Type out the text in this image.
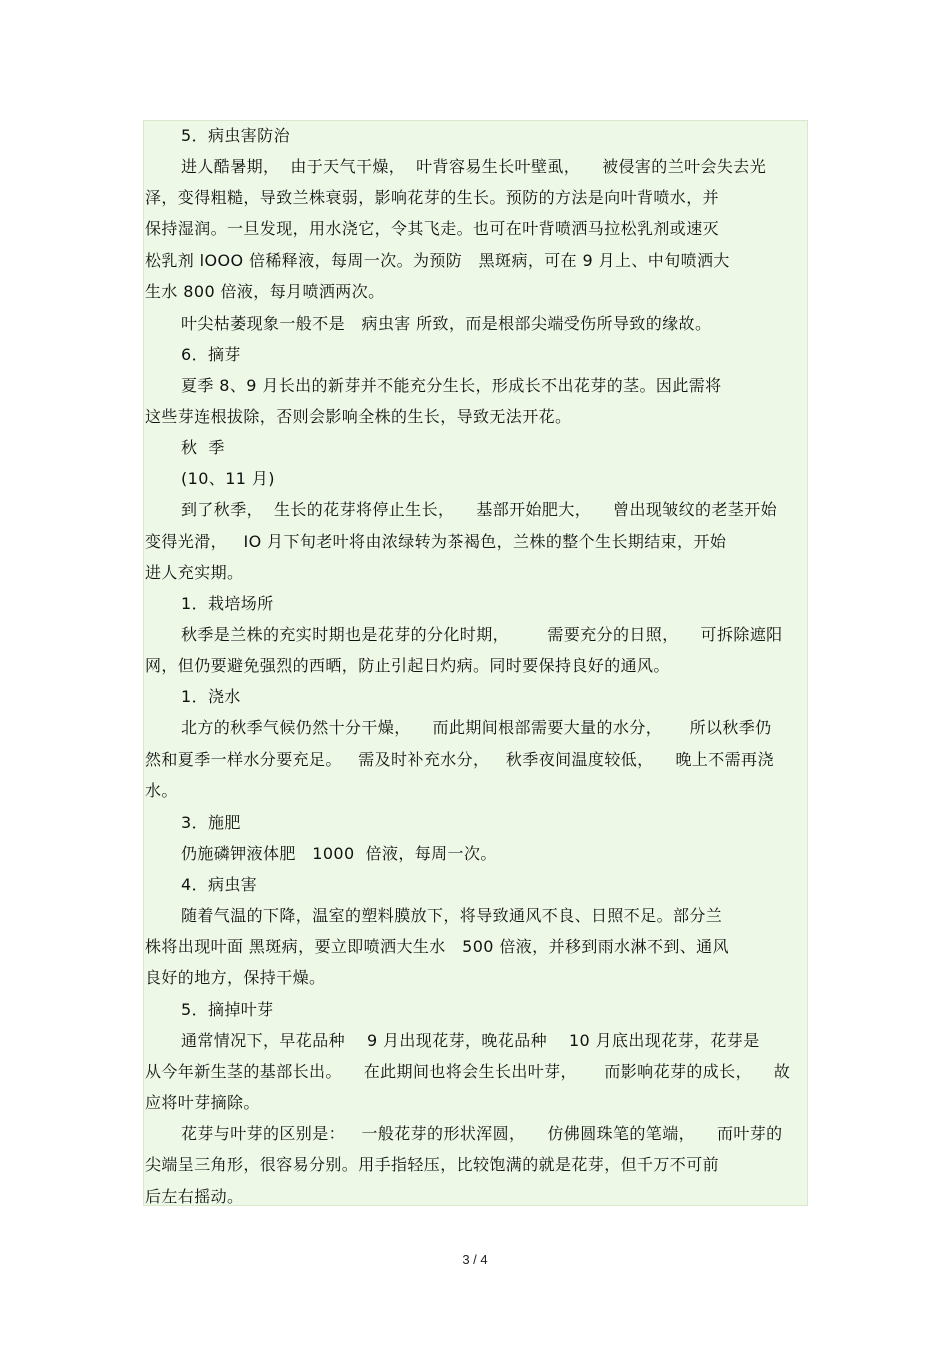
5．病虫害防治
进人酷暑期，  由于天气干燥，  叶背容易生长叶壁虱，    被侵害的兰叶会失去光
泽，变得粗糙，导致兰株衰弱，影响花芽的生长。预防的方法是向叶背喷水，并
保持湿润。一旦发现，用水浇它，令其飞走。也可在叶背喷洒马拉松乳剂或速灭
松乳剂 lOOO 倍稀释液，每周一次。为预防   黑斑病，可在 9 月上、中旬喷洒大
生水 800 倍液，每月喷洒两次。
叶尖枯萎现象一般不是   病虫害 所致，而是根部尖端受伤所导致的缘故。
6．摘芽
夏季 8、9 月长出的新芽并不能充分生长，形成长不出花芽的茎。因此需将
这些芽连根拔除，否则会影响全株的生长，导致无法开花。
秋  季
(10、11 月)
到了秋季，  生长的花芽将停止生长，    基部开始肥大，    曾出现皱纹的老茎开始
变得光滑，   IO 月下旬老叶将由浓绿转为茶褐色，兰株的整个生长期结束，开始
进人充实期。
1．栽培场所
秋季是兰株的充实时期也是花芽的分化时期，       需要充分的日照，    可拆除遮阳
网，但仍要避免强烈的西晒，防止引起日灼病。同时要保持良好的通风。
1．浇水
北方的秋季气候仍然十分干燥，    而此期间根部需要大量的水分，     所以秋季仍
然和夏季一样水分要充足。   需及时补充水分，   秋季夜间温度较低，    晚上不需再浇
水。
3．施肥
仍施磷钾液体肥   1000  倍液，每周一次。
4．病虫害
随着气温的下降，温室的塑料膜放下，将导致通风不良、日照不足。部分兰
株将出现叶面 黑斑病，要立即喷洒大生水   500 倍液，并移到雨水淋不到、通风
良好的地方，保持干燥。
5．摘掉叶芽
通常情况下，早花品种    9 月出现花芽，晚花品种    10 月底出现花芽，花芽是
从今年新生茎的基部长出。    在此期间也将会生长出叶芽，     而影响花芽的成长，    故
应将叶芽摘除。
花芽与叶芽的区别是：   一般花芽的形状浑圆，    仿佛圆珠笔的笔端，    而叶芽的
尖端呈三角形，很容易分别。用手指轻压，比较饱满的就是花芽，但千万不可前
后左右摇动。
3 / 4
